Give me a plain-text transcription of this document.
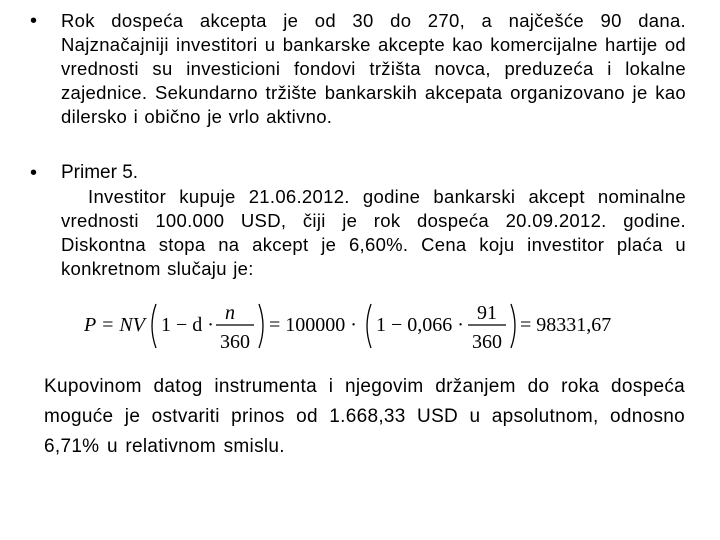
• Rok dospeća akcepta je od 30 do 270, a najčešće 90 dana. Najznačajniji investitori u bankarske akcepte kao komercijalne hartije od vrednosti su investicioni fondovi tržišta novca, preduzeća i lokalne zajednice. Sekundarno tržište bankarskih akcepata organizovano je kao dilersko i obično je vrlo aktivno.
• Primer 5.
Investitor kupuje 21.06.2012. godine bankarski akcept nominalne vrednosti 100.000 USD, čiji je rok dospeća 20.09.2012. godine. Diskontna stopa na akcept je 6,60%. Cena koju investitor plaća u konkretnom slučaju je:
P = NV 1 − d ·
n
360
= 100000 · 1 − 0,066 ·
91
360
= 98331,67

Kupovinom datog instrumenta i njegovim držanjem do roka dospeća moguće je ostvariti prinos od 1.668,33 USD u apsolutnom, odnosno 6,71% u relativnom smislu.
